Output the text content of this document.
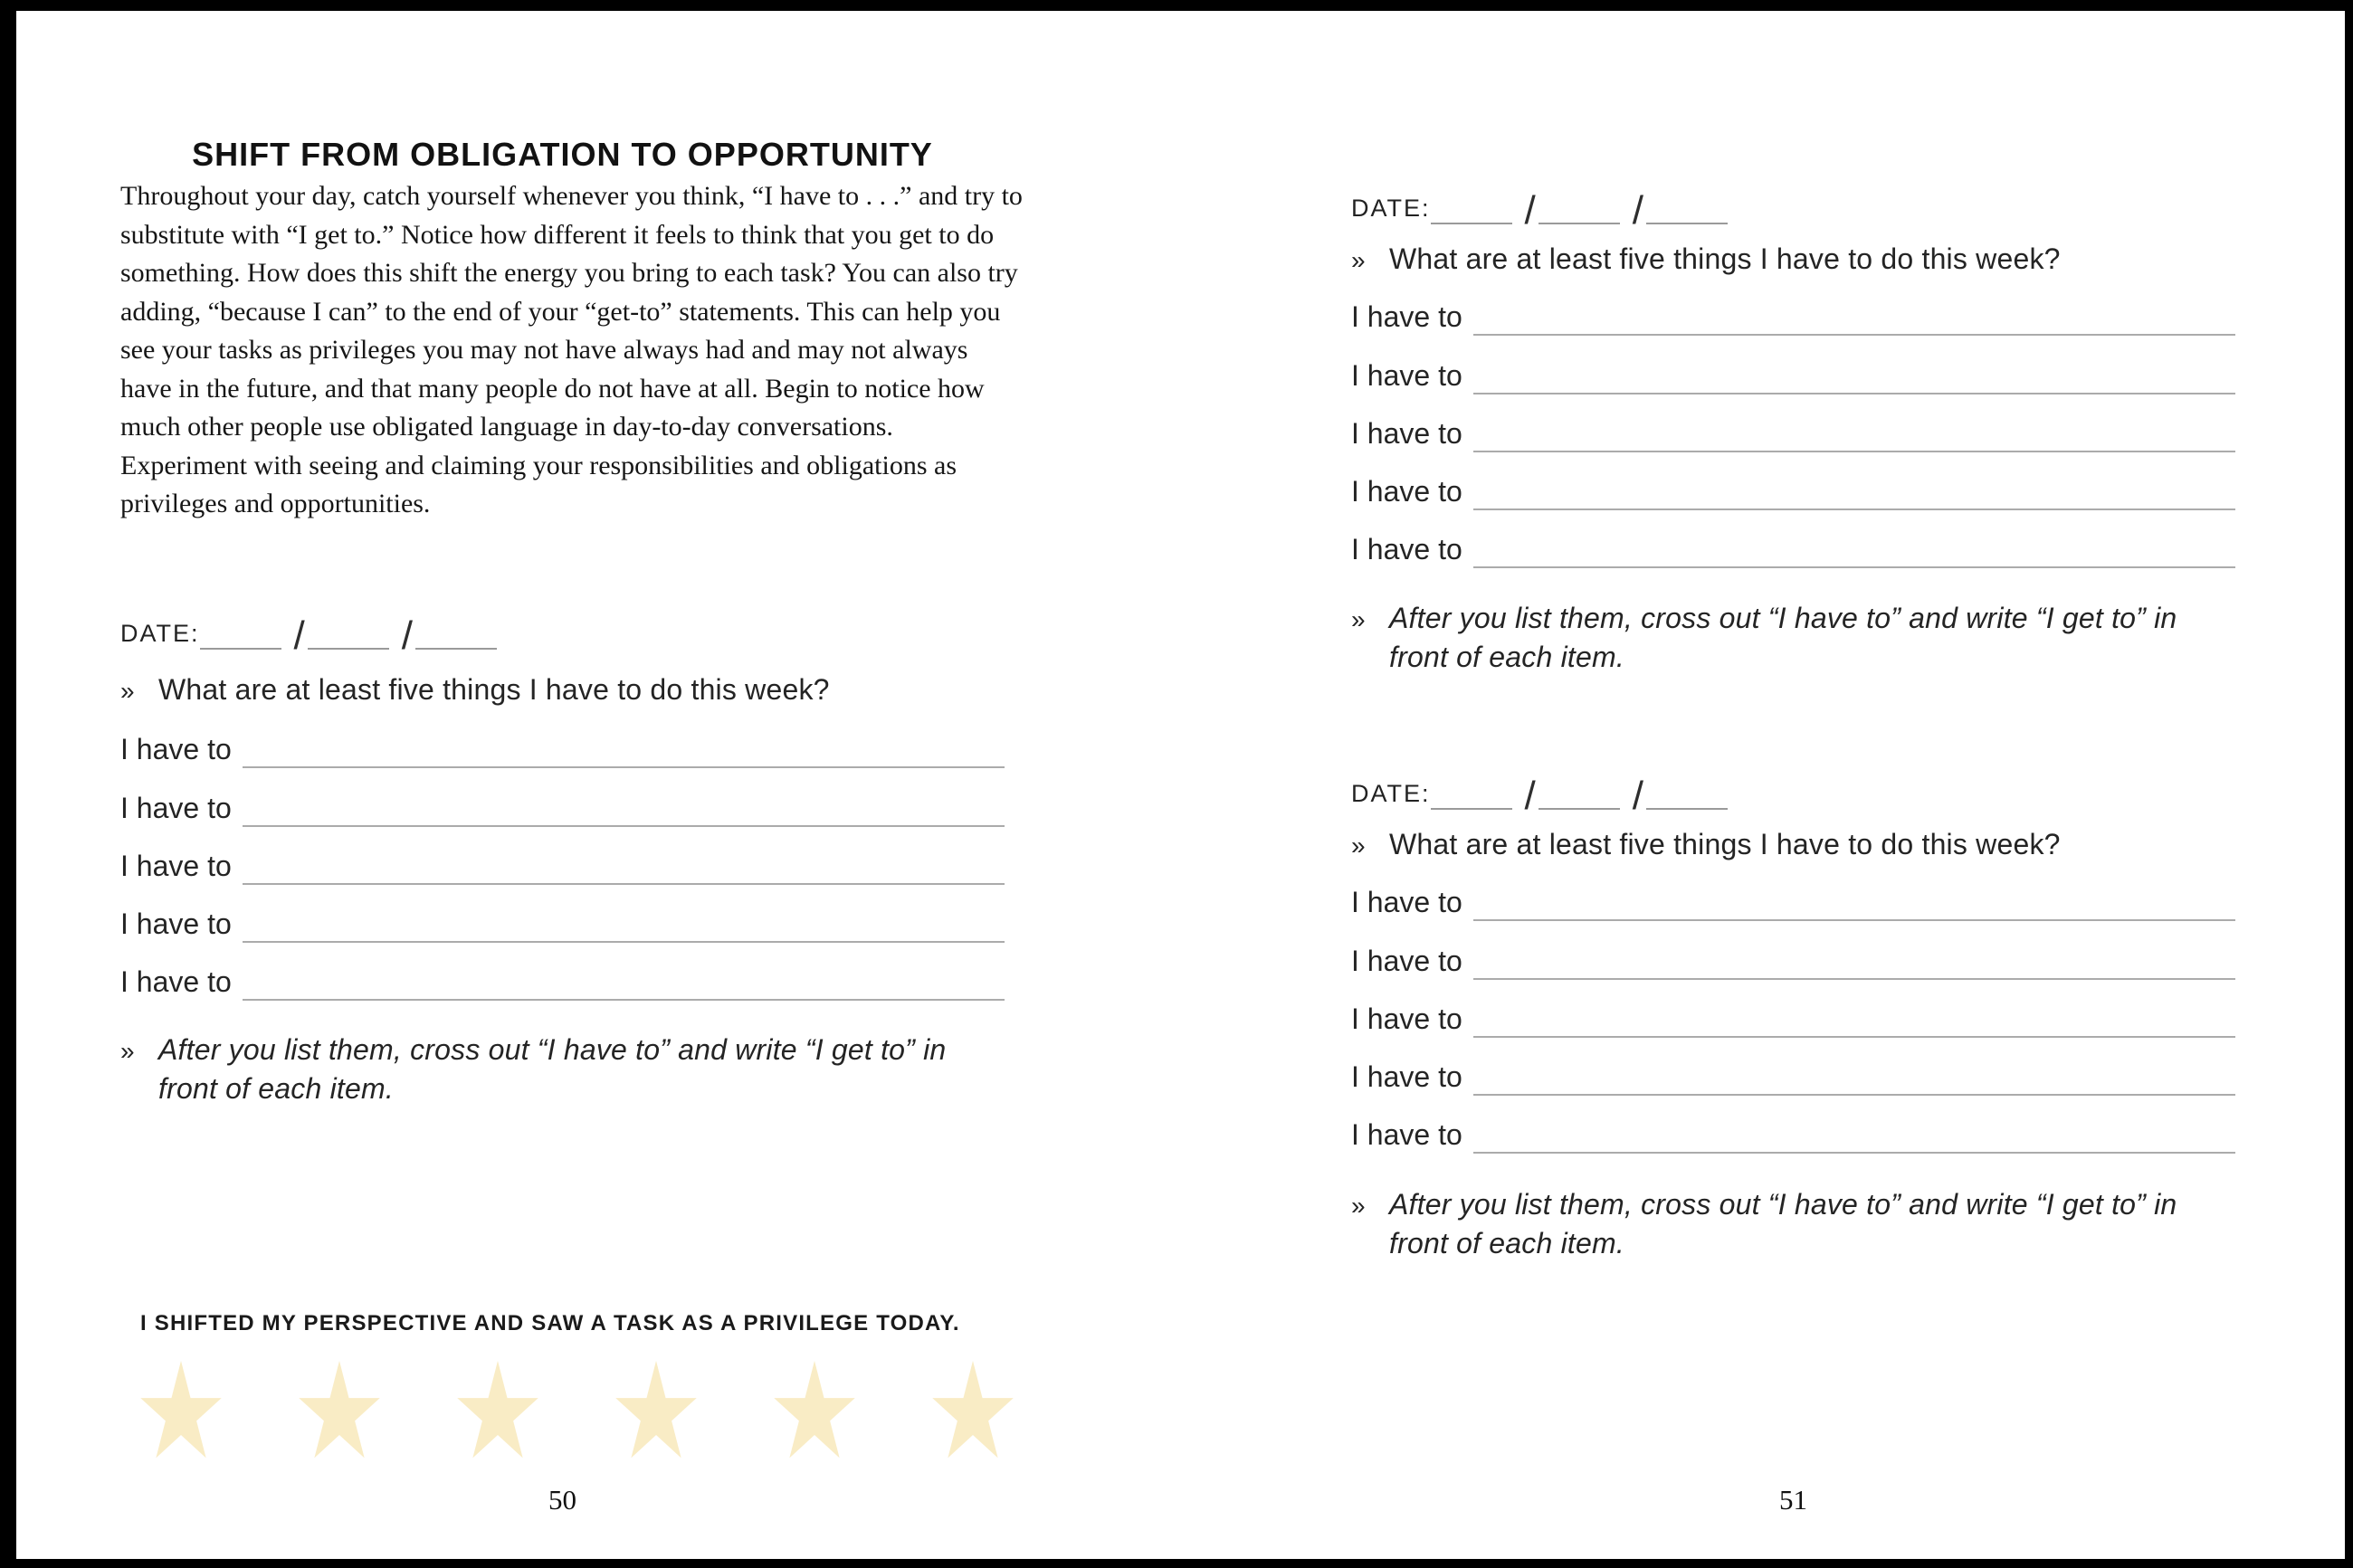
SHIFT FROM OBLIGATION TO OPPORTUNITY
Throughout your day, catch yourself whenever you think, “I have to . . .” and try to substitute with “I get to.” Notice how different it feels to think that you get to do something. How does this shift the energy you bring to each task? You can also try adding, “because I can” to the end of your “get-to” statements. This can help you see your tasks as privileges you may not have always had and may not always have in the future, and that many people do not have at all. Begin to notice how much other people use obligated language in day-to-day conversations. Experiment with seeing and claiming your responsibilities and obligations as privileges and opportunities.
DATE: / /
» What are at least five things I have to do this week?
I have to
I have to
I have to
I have to
I have to
» After you list them, cross out “I have to” and write “I get to” in front of each item.
I SHIFTED MY PERSPECTIVE AND SAW A TASK AS A PRIVILEGE TODAY.
50
DATE: / /
» What are at least five things I have to do this week?
I have to
I have to
I have to
I have to
I have to
» After you list them, cross out “I have to” and write “I get to” in front of each item.
DATE: / /
» What are at least five things I have to do this week?
I have to
I have to
I have to
I have to
I have to
» After you list them, cross out “I have to” and write “I get to” in front of each item.
51
